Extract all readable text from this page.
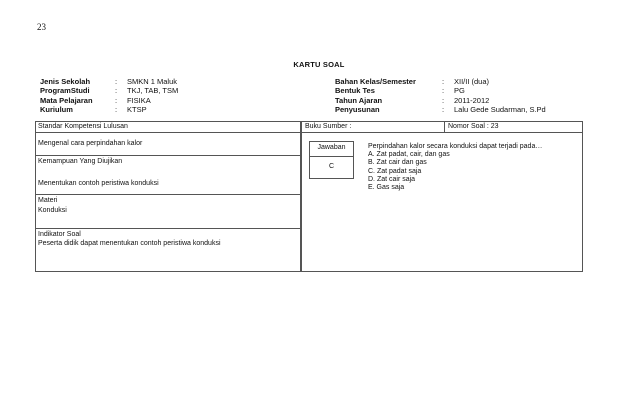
23
KARTU SOAL
Jenis Sekolah	:	SMKN 1 Maluk
ProgramStudi	:	TKJ, TAB, TSM
Mata Pelajaran	:	FISIKA
Kuriulum	:	KTSP
Bahan Kelas/Semester	:	XII/II (dua)
Bentuk Tes	:	PG
Tahun Ajaran	:	2011-2012
Penyusunan	:	Lalu Gede Sudarman, S.Pd
Standar Kompetensi Lulusan
Mengenal cara perpindahan kalor
Kemampuan Yang Diujikan
Menentukan contoh peristiwa konduksi
Materi
Konduksi
Indikator Soal
Peserta didik dapat menentukan contoh peristiwa konduksi
Buku Sumber :	Nomor Soal : 23
Jawaban
C
Perpindahan kalor secara konduksi dapat terjadi pada…
A. Zat padat, cair, dan gas
B. Zat cair dan gas
C. Zat padat saja
D. Zat cair saja
E. Gas saja
